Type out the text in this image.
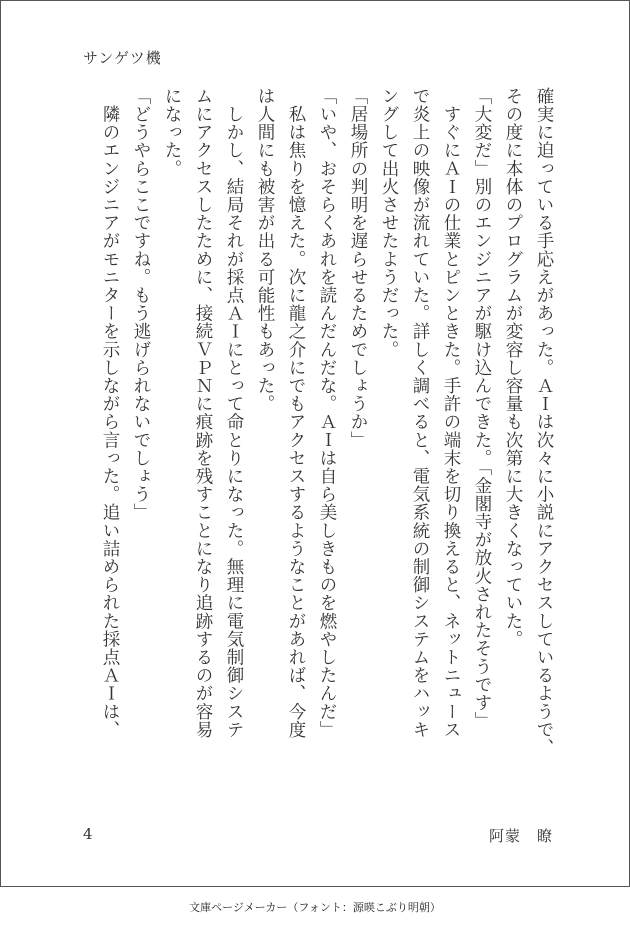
サンゲツ機

確実に迫っている手応えがあった。ＡＩは次々に小説にアクセスしているようで、

その度に本体のプログラムが変容し容量も次第に大きくなっていた。

「大変だ」別のエンジニアが駆け込んできた。「金閣寺が放火されたそうです」

　すぐにＡＩの仕業とピンときた。手許の端末を切り換えると、ネットニュース

で炎上の映像が流れていた。詳しく調べると、電気系統の制御システムをハッキ

ングして出火させたようだった。

「居場所の判明を遅らせるためでしょうか」

「いや、おそらくあれを読んだんだな。ＡＩは自ら美しきものを燃やしたんだ」

　私は焦りを憶えた。次に龍之介にでもアクセスするようなことがあれば、今度

は人間にも被害が出る可能性もあった。

　しかし、結局それが採点ＡＩにとって命とりになった。無理に電気制御システ

ムにアクセスしたために、接続ＶＰＮに痕跡を残すことになり追跡するのが容易

になった。

「どうやらここですね。もう逃げられないでしょう」

　隣のエンジニアがモニターを示しながら言った。追い詰められた採点ＡＩは、

4	阿蒙　瞭
文庫ページメーカー（フォント：源暎こぶり明朝）
